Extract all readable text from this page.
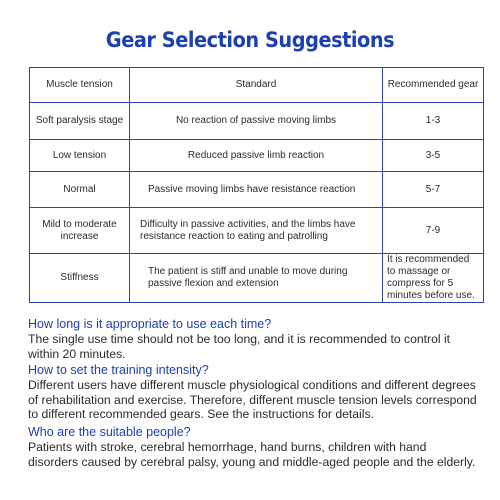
Gear Selection Suggestions
Muscle tension	Standard	Recommended gear
Soft paralysis stage	No reaction of passive moving limbs	1-3
Low tension	Reduced passive limb reaction	3-5
Normal	Passive moving limbs have resistance reaction	5-7
Mild to moderate increase	Difficulty in passive activities, and the limbs have resistance reaction to eating and patrolling	7-9
Stiffness	The patient is stiff and unable to move during passive flexion and extension	It is recommended to massage or compress for 5 minutes before use.
How long is it appropriate to use each time?
The single use time should not be too long, and it is recommended to control it within 20 minutes.
How to set the training intensity?
Different users have different muscle physiological conditions and different degrees of rehabilitation and exercise. Therefore, different muscle tension levels correspond to different recommended gears. See the instructions for details.
Who are the suitable people?
Patients with stroke, cerebral hemorrhage, hand burns, children with hand disorders caused by cerebral palsy, young and middle-aged people and the elderly.
